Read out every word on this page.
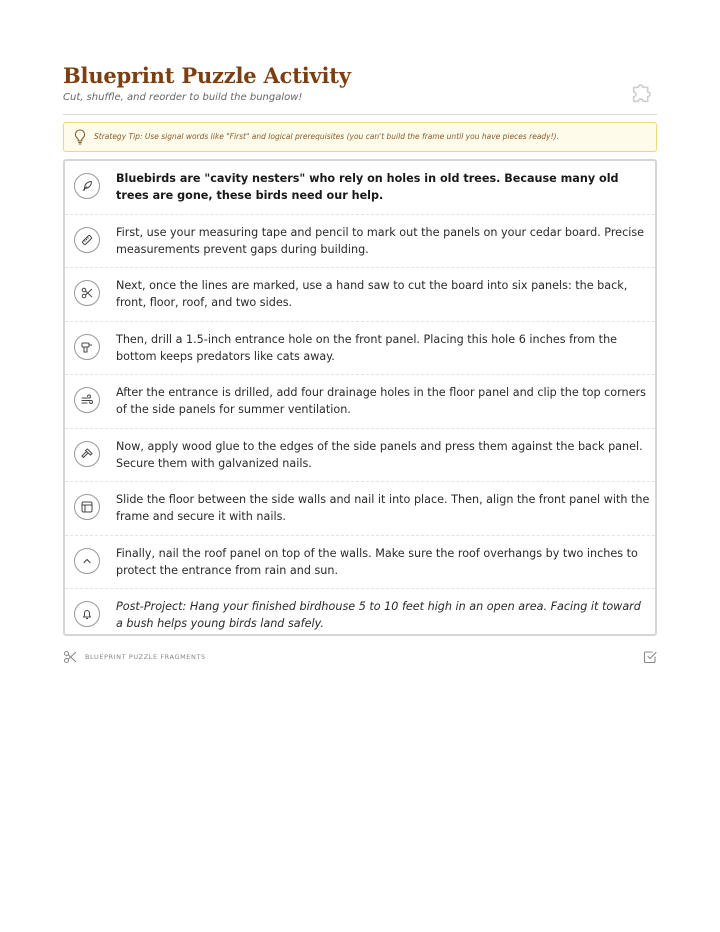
Blueprint Puzzle Activity

Cut, shuffle, and reorder to build the bungalow!

Strategy Tip: Use signal words like "First" and logical prerequisites (you can't build the frame until you have pieces ready!).

Bluebirds are "cavity nesters" who rely on holes in old trees. Because many old trees are gone, these birds need our help.

First, use your measuring tape and pencil to mark out the panels on your cedar board. Precise measurements prevent gaps during building.

Next, once the lines are marked, use a hand saw to cut the board into six panels: the back, front, floor, roof, and two sides.

Then, drill a 1.5-inch entrance hole on the front panel. Placing this hole 6 inches from the bottom keeps predators like cats away.

After the entrance is drilled, add four drainage holes in the floor panel and clip the top corners of the side panels for summer ventilation.

Now, apply wood glue to the edges of the side panels and press them against the back panel. Secure them with galvanized nails.

Slide the floor between the side walls and nail it into place. Then, align the front panel with the frame and secure it with nails.

Finally, nail the roof panel on top of the walls. Make sure the roof overhangs by two inches to protect the entrance from rain and sun.

Post-Project: Hang your finished birdhouse 5 to 10 feet high in an open area. Facing it toward a bush helps young birds land safely.

BLUEPRINT PUZZLE FRAGMENTS
